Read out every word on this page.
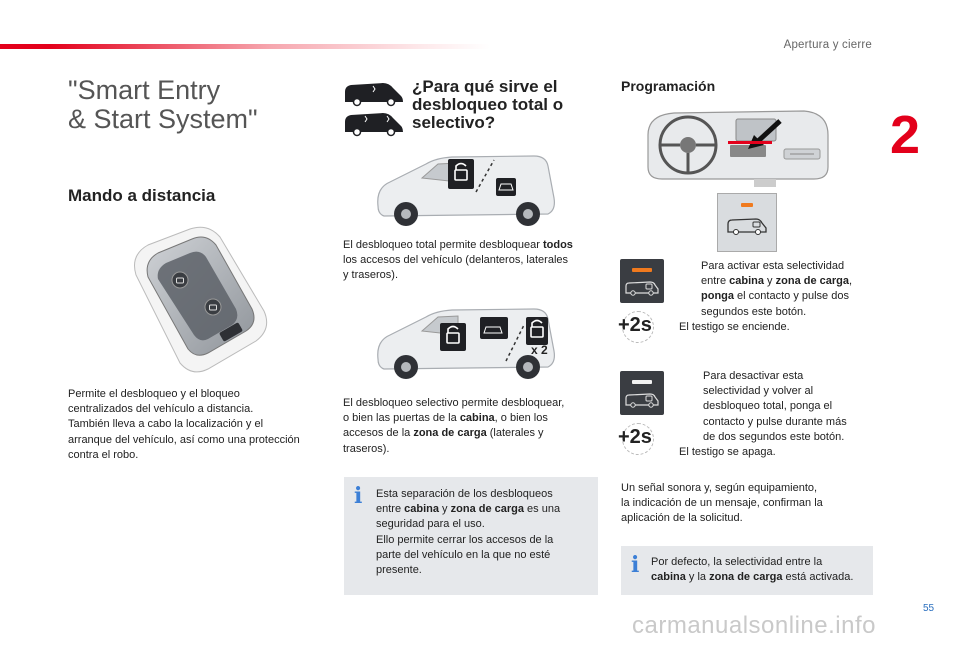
Apertura y cierre
2
"Smart Entry
& Start System"
Mando a distancia
Permite el desbloqueo y el bloqueo
centralizados del vehículo a distancia.
También lleva a cabo la localización y el
arranque del vehículo, así como una protección
contra el robo.
¿Para qué sirve el
desbloqueo total o
selectivo?
El desbloqueo total permite desbloquear todos
los accesos del vehículo (delanteros, laterales
y traseros).
x 2
El desbloqueo selectivo permite desbloquear,
o bien las puertas de la cabina, o bien los
accesos de la zona de carga (laterales y
traseros).
i Esta separación de los desbloqueos
entre cabina y zona de carga es una
seguridad para el uso.
Ello permite cerrar los accesos de la
parte del vehículo en la que no esté
presente.
Programación
+2s
Para activar esta selectividad
entre cabina y zona de carga,
ponga el contacto y pulse dos
segundos este botón.
El testigo se enciende.
+2s
Para desactivar esta
selectividad y volver al
desbloqueo total, ponga el
contacto y pulse durante más
de dos segundos este botón.
El testigo se apaga.
Un señal sonora y, según equipamiento,
la indicación de un mensaje, confirman la
aplicación de la solicitud.
i Por defecto, la selectividad entre la
cabina y la zona de carga está activada.
55
carmanualsonline.info
